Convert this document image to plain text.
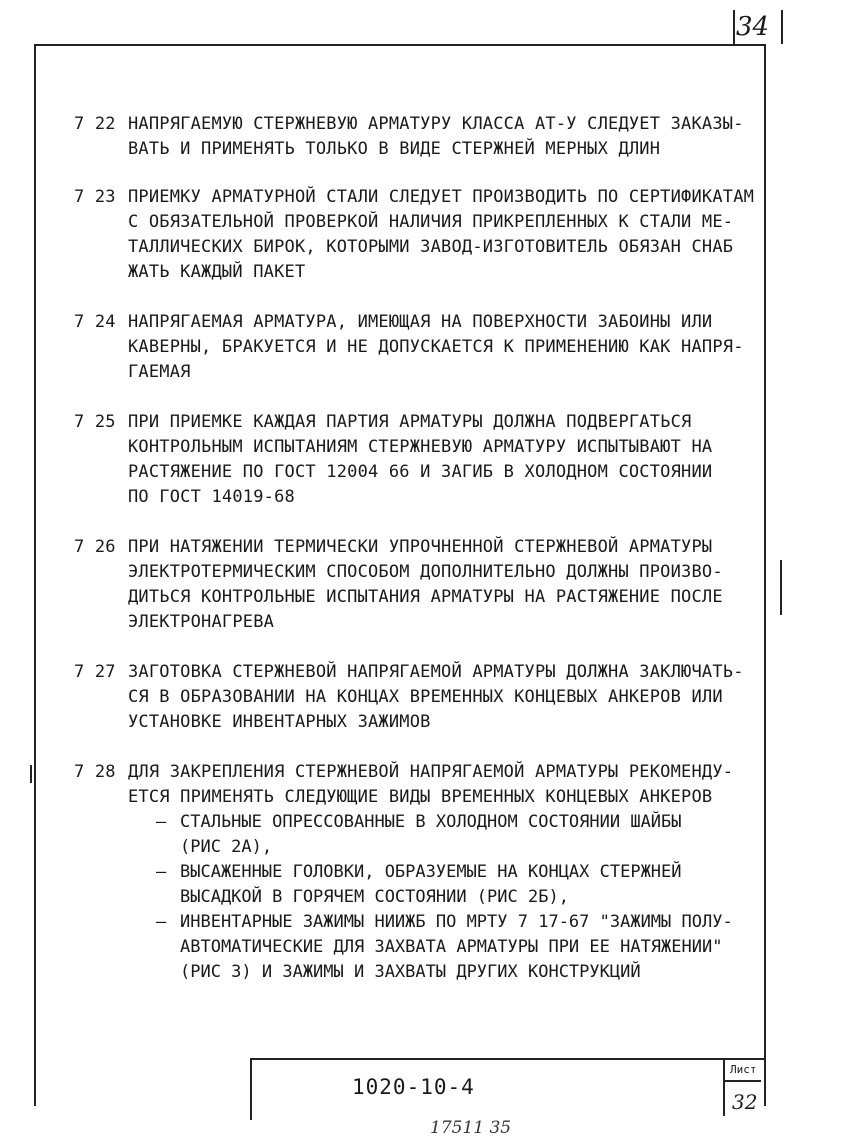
34
7 22 НАПРЯГАЕМУЮ СТЕРЖНЕВУЮ АРМАТУРУ КЛАССА AТ-У СЛЕДУЕТ ЗАКАЗЫ-
ВАТЬ И ПРИМЕНЯТЬ ТОЛЬКО В ВИДЕ СТЕРЖНЕЙ МЕРНЫХ ДЛИН
7 23 ПРИЕМКУ АРМАТУРНОЙ СТАЛИ СЛЕДУЕТ ПРОИЗВОДИТЬ ПО СЕРТИФИКАТАМ
С ОБЯЗАТЕЛЬНОЙ ПРОВЕРКОЙ НАЛИЧИЯ ПРИКРЕПЛЕННЫХ К СТАЛИ МЕ-
ТАЛЛИЧЕСКИХ БИРОК, КОТОРЫМИ ЗАВОД-ИЗГОТОВИТЕЛЬ ОБЯЗАН СНАБ
ЖАТЬ КАЖДЫЙ ПАКЕТ
7 24 НАПРЯГАЕМАЯ АРМАТУРА, ИМЕЮЩАЯ НА ПОВЕРХНОСТИ ЗАБОИНЫ ИЛИ
КАВЕРНЫ, БРАКУЕТСЯ И НЕ ДОПУСКАЕТСЯ К ПРИМЕНЕНИЮ КАК НАПРЯ-
ГАЕМАЯ
7 25 ПРИ ПРИЕМКЕ КАЖДАЯ ПАРТИЯ АРМАТУРЫ ДОЛЖНА ПОДВЕРГАТЬСЯ
КОНТРОЛЬНЫМ ИСПЫТАНИЯМ СТЕРЖНЕВУЮ АРМАТУРУ ИСПЫТЫВАЮТ НА
РАСТЯЖЕНИЕ ПО ГОСТ 12004 66 И ЗАГИБ В ХОЛОДНОМ СОСТОЯНИИ
ПО ГОСТ 14019-68
7 26 ПРИ НАТЯЖЕНИИ ТЕРМИЧЕСКИ УПРОЧНЕННОЙ СТЕРЖНЕВОЙ АРМАТУРЫ
ЭЛЕКТРОТЕРМИЧЕСКИМ СПОСОБОМ ДОПОЛНИТЕЛЬНО ДОЛЖНЫ ПРОИЗВО-
ДИТЬСЯ КОНТРОЛЬНЫЕ ИСПЫТАНИЯ АРМАТУРЫ НА РАСТЯЖЕНИЕ ПОСЛЕ
ЭЛЕКТРОНАГРЕВА
7 27 ЗАГОТОВКА СТЕРЖНЕВОЙ НАПРЯГАЕМОЙ АРМАТУРЫ ДОЛЖНА ЗАКЛЮЧАТЬ-
СЯ В ОБРАЗОВАНИИ НА КОНЦАХ ВРЕМЕННЫХ КОНЦЕВЫХ АНКЕРОВ ИЛИ
УСТАНОВКЕ ИНВЕНТАРНЫХ ЗАЖИМОВ
7 28 ДЛЯ ЗАКРЕПЛЕНИЯ СТЕРЖНЕВОЙ НАПРЯГАЕМОЙ АРМАТУРЫ РЕКОМЕНДУ-
ЕТСЯ ПРИМЕНЯТЬ СЛЕДУЮЩИЕ ВИДЫ ВРЕМЕННЫХ КОНЦЕВЫХ АНКЕРОВ
– СТАЛЬНЫЕ ОПРЕССОВАННЫЕ В ХОЛОДНОМ СОСТОЯНИИ ШАЙБЫ
(РИС 2А),
– ВЫСАЖЕННЫЕ ГОЛОВКИ, ОБРАЗУЕМЫЕ НА КОНЦАХ СТЕРЖНЕЙ
ВЫСАДКОЙ В ГОРЯЧЕМ СОСТОЯНИИ (РИС 2Б),
– ИНВЕНТАРНЫЕ ЗАЖИМЫ НИИЖБ ПО МРТУ 7 17-67 "ЗАЖИМЫ ПОЛУ-
АВТОМАТИЧЕСКИЕ ДЛЯ ЗАХВАТА АРМАТУРЫ ПРИ ЕЕ НАТЯЖЕНИИ"
(РИС 3) И ЗАЖИМЫ И ЗАХВАТЫ ДРУГИХ КОНСТРУКЦИЙ
1020-10-4
Лист
32
17511 35
